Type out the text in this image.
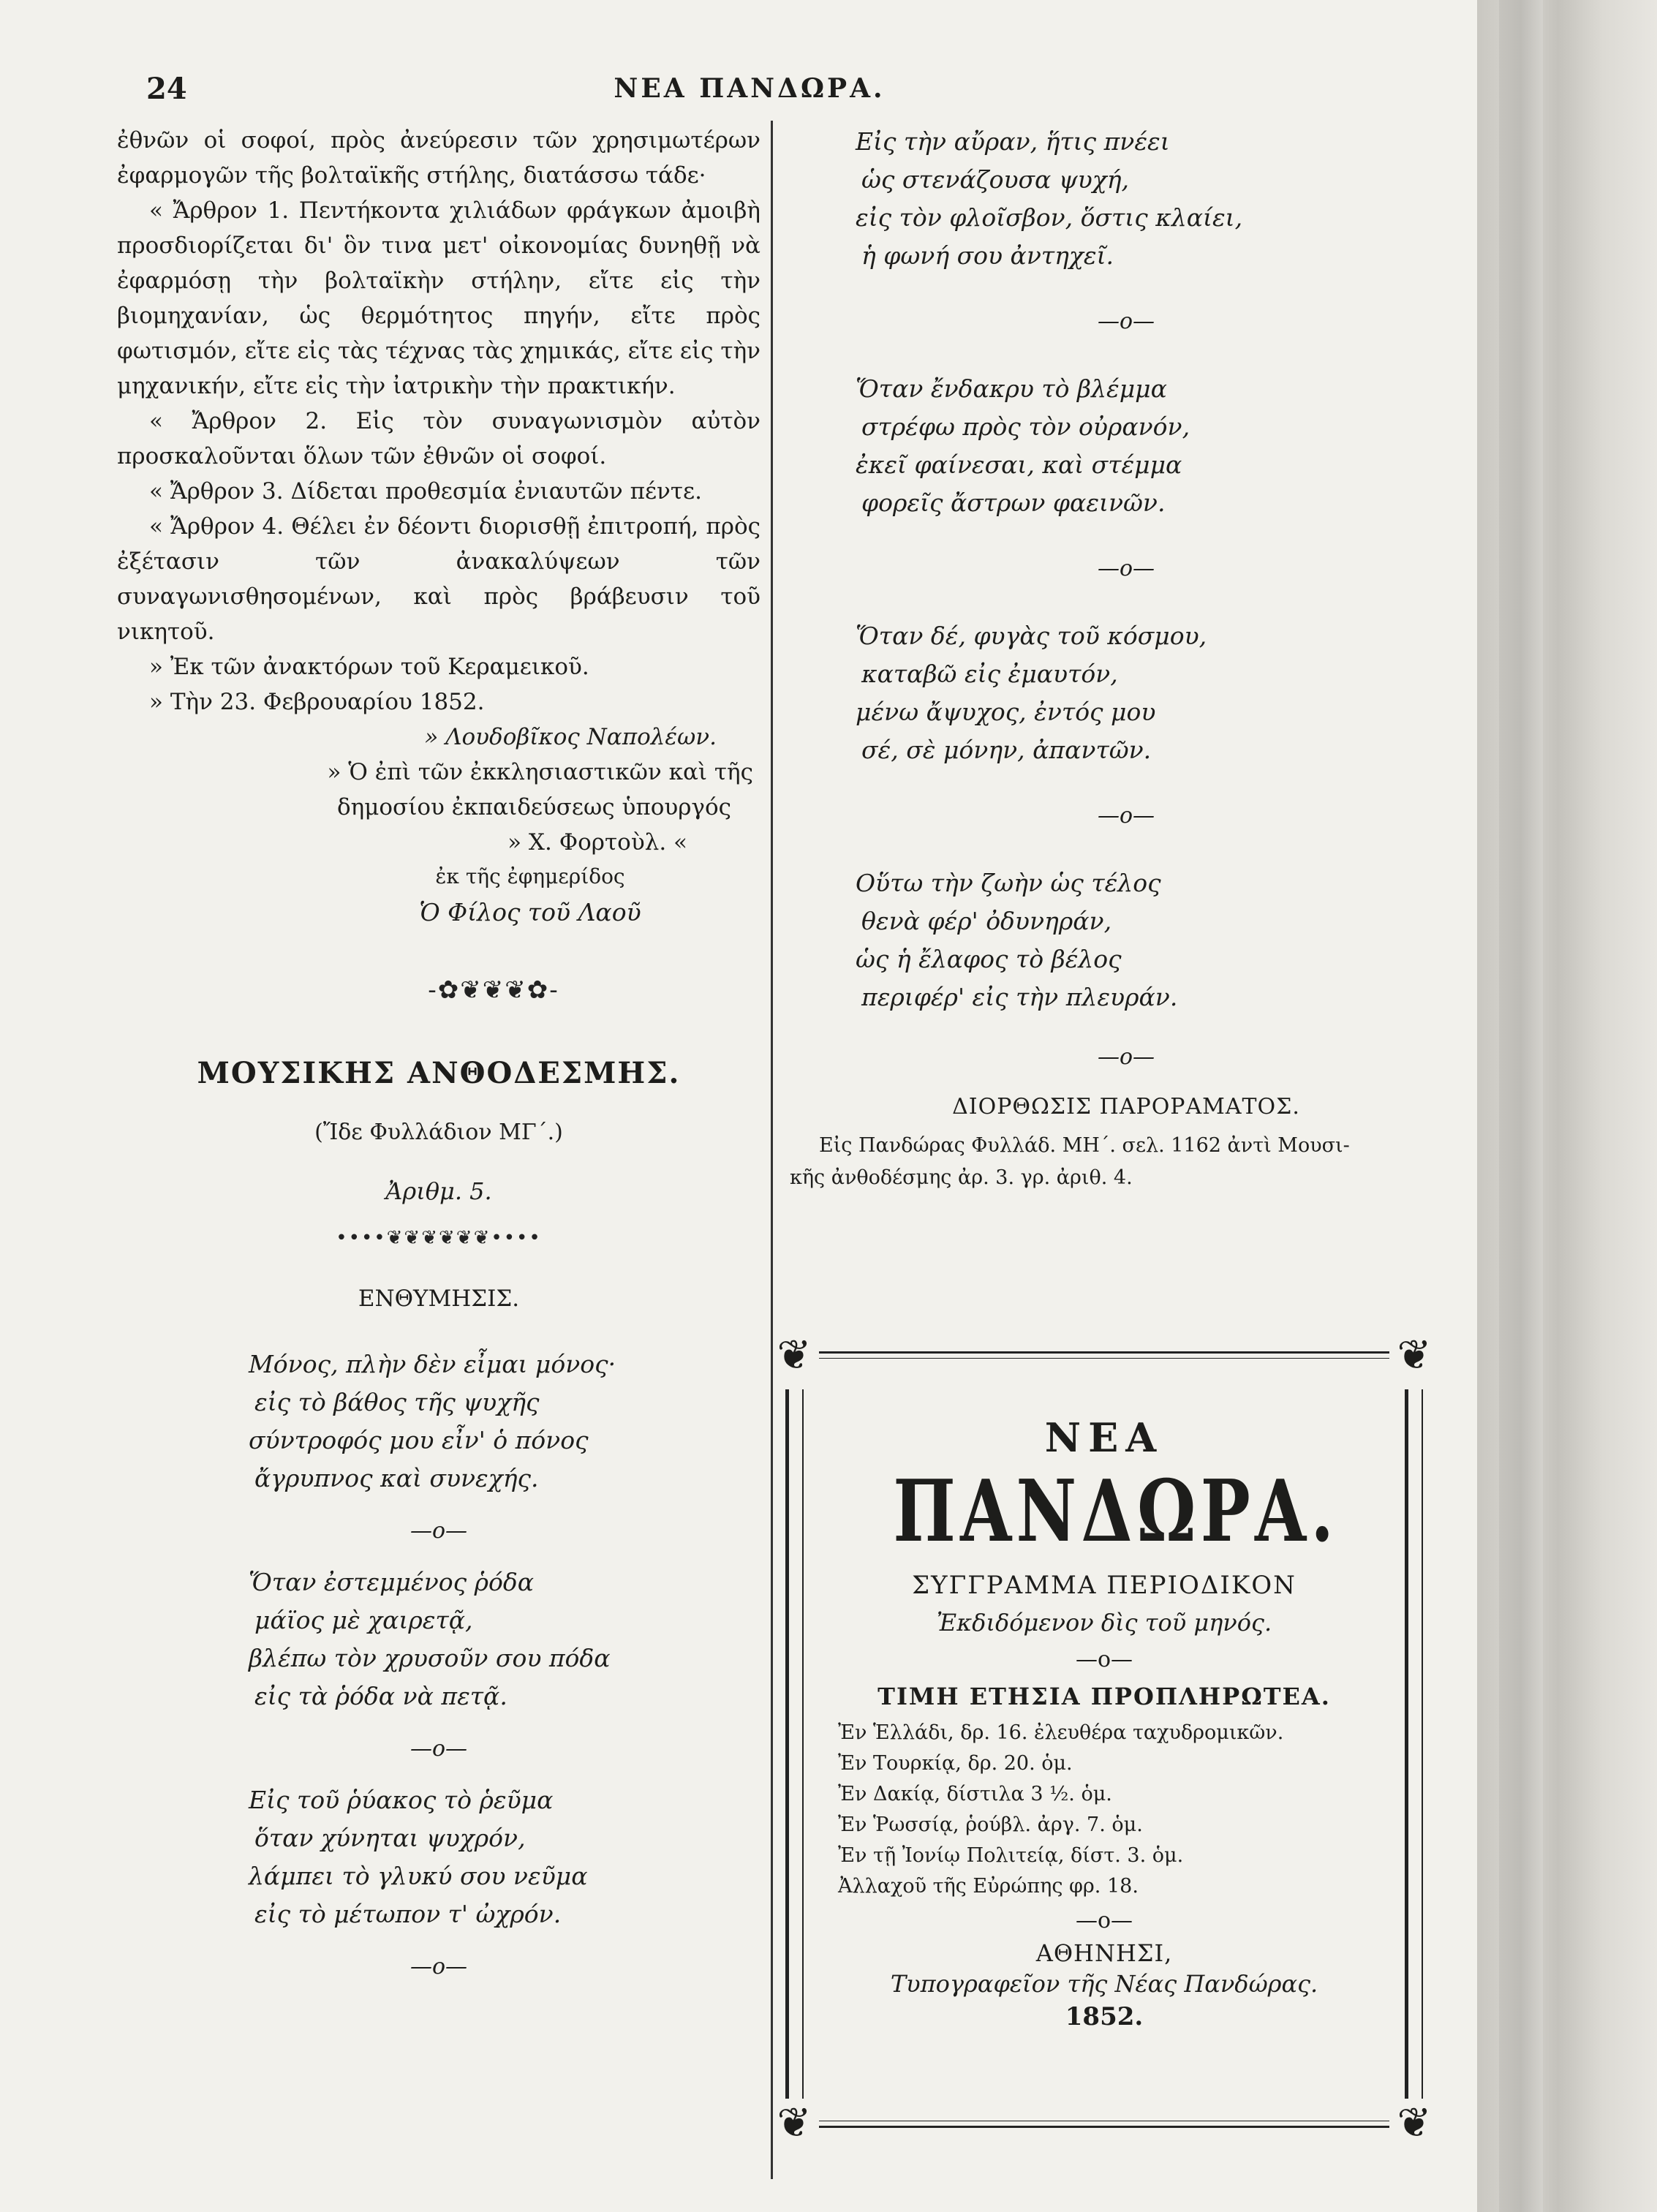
24	ΝΕΑ ΠΑΝΔΩΡΑ.

ἐθνῶν οἱ σοφοί, πρὸς ἀνεύρεσιν τῶν χρησιμωτέρων ἐφαρμογῶν τῆς βολταϊκῆς στήλης, διατάσσω τάδε·

« Ἄρθρον 1. Πεντήκοντα χιλιάδων φράγκων ἀμοιβὴ προσδιορίζεται δι' ὃν τινα μετ' οἰκονομίας δυνηθῇ νὰ ἐφαρμόσῃ τὴν βολταϊκὴν στήλην, εἴτε εἰς τὴν βιομηχανίαν, ὡς θερμότητος πηγήν, εἴτε πρὸς φωτισμόν, εἴτε εἰς τὰς τέχνας τὰς χημικάς, εἴτε εἰς τὴν μηχανικήν, εἴτε εἰς τὴν ἰατρικὴν τὴν πρακτικήν.

« Ἄρθρον 2. Εἰς τὸν συναγωνισμὸν αὐτὸν προσκαλοῦνται ὅλων τῶν ἐθνῶν οἱ σοφοί.

« Ἄρθρον 3. Δίδεται προθεσμία ἐνιαυτῶν πέντε.

« Ἄρθρον 4. Θέλει ἐν δέοντι διορισθῇ ἐπιτροπή, πρὸς ἐξέτασιν τῶν ἀνακαλύψεων τῶν συναγωνισθησομένων, καὶ πρὸς βράβευσιν τοῦ νικητοῦ.

» Ἐκ τῶν ἀνακτόρων τοῦ Κεραμεικοῦ.

» Τὴν 23. Φεβρουαρίου 1852.

» Λουδοβῖκος Ναπολέων.
» Ὁ ἐπὶ τῶν ἐκκλησιαστικῶν καὶ τῆς
δημοσίου ἐκπαιδεύσεως ὑπουργός
» Χ. Φορτοὺλ. «
ἐκ τῆς ἐφημερίδος
Ὁ Φίλος τοῦ Λαοῦ
-✿❦❦❦✿-
ΜΟΥΣΙΚΗΣ ΑΝΘΟΔΕΣΜΗΣ.
(Ἴδε Φυλλάδιον ΜΓ΄.)
Ἀριθμ. 5.
••••❦❦❦❦❦❦••••
ΕΝΘΥΜΗΣΙΣ.
Μόνος, πλὴν δὲν εἶμαι μόνος·
εἰς τὸ βάθος τῆς ψυχῆς
σύντροφός μου εἶν' ὁ πόνος
ἄγρυπνος καὶ συνεχής.
—o—
Ὅταν ἐστεμμένος ῥόδα
μάϊος μὲ χαιρετᾷ,
βλέπω τὸν χρυσοῦν σου πόδα
εἰς τὰ ῥόδα νὰ πετᾷ.
—o—
Εἰς τοῦ ῥύακος τὸ ῥεῦμα
ὅταν χύνηται ψυχρόν,
λάμπει τὸ γλυκύ σου νεῦμα
εἰς τὸ μέτωπον τ' ὠχρόν.
—o—
Εἰς τὴν αὔραν, ἥτις πνέει
ὡς στενάζουσα ψυχή,
εἰς τὸν φλοῖσβον, ὅστις κλαίει,
ἡ φωνή σου ἀντηχεῖ.
—o—
Ὅταν ἔνδακρυ τὸ βλέμμα
στρέφω πρὸς τὸν οὐρανόν,
ἐκεῖ φαίνεσαι, καὶ στέμμα
φορεῖς ἄστρων φαεινῶν.
—o—
Ὅταν δέ, φυγὰς τοῦ κόσμου,
καταβῶ εἰς ἐμαυτόν,
μένω ἄψυχος, ἐντός μου
σέ, σὲ μόνην, ἀπαντῶν.
—o—
Οὕτω τὴν ζωὴν ὡς τέλος
θενὰ φέρ' ὀδυνηράν,
ὡς ἡ ἔλαφος τὸ βέλος
περιφέρ' εἰς τὴν πλευράν.
—o—
ΔΙΟΡΘΩΣΙΣ ΠΑΡΟΡΑΜΑΤΟΣ.
Εἰς Πανδώρας Φυλλάδ. ΜΗ΄. σελ. 1162 ἀντὶ Μουσι-
κῆς ἀνθοδέσμης ἀρ. 3. γρ. ἀριθ. 4.
❦	❦
❦	❦
ΝΕΑ
ΠΑΝΔΩΡΑ.
ΣΥΓΓΡΑΜΜΑ ΠΕΡΙΟΔΙΚΟΝ
Ἐκδιδόμενον δὶς τοῦ μηνός.
—o—
ΤΙΜΗ ΕΤΗΣΙΑ ΠΡΟΠΛΗΡΩΤΕΑ.
Ἐν Ἑλλάδι, δρ. 16. ἐλευθέρα ταχυδρομικῶν.
Ἐν Τουρκίᾳ, δρ. 20. ὁμ.
Ἐν Δακίᾳ, δίστιλα 3 ½. ὁμ.
Ἐν Ῥωσσίᾳ, ῥούβλ. ἀργ. 7. ὁμ.
Ἐν τῇ Ἰονίῳ Πολιτείᾳ, δίστ. 3. ὁμ.
Ἀλλαχοῦ τῆς Εὐρώπης φρ. 18.
—o—
ΑΘΗΝΗΣΙ,
Τυπογραφεῖον τῆς Νέας Πανδώρας.
1852.
